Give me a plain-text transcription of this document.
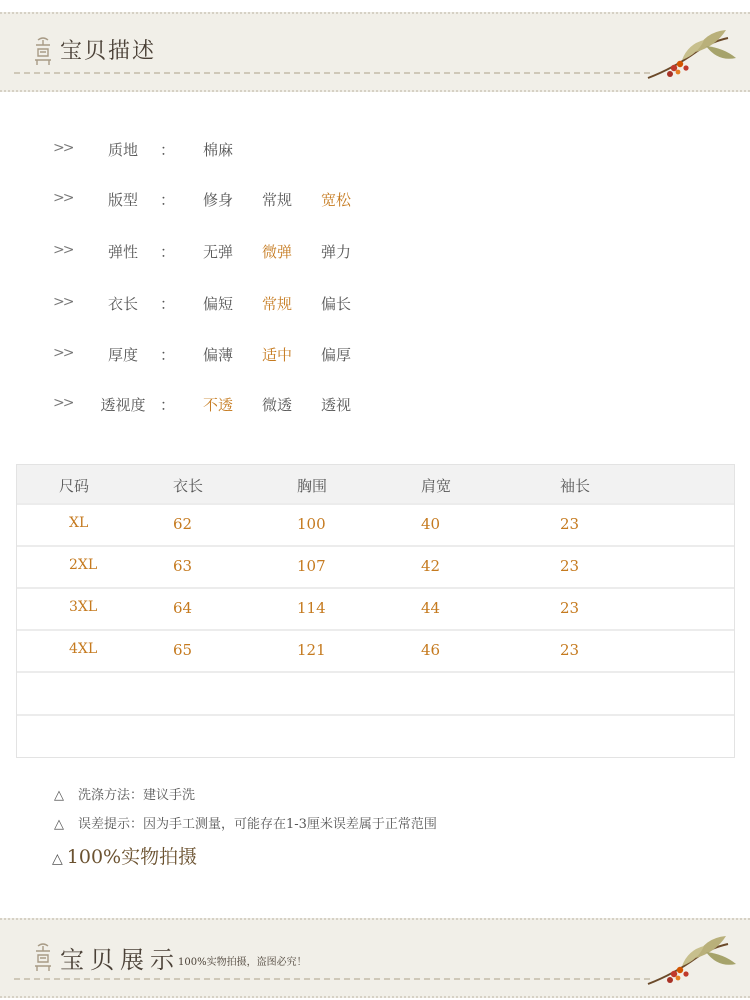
宝贝描述
>>	质地	： 棉麻
>>	版型	： 修身 常规 宽松
>>	弹性	： 无弹 微弹 弹力
>>	衣长	： 偏短 常规 偏长
>>	厚度	： 偏薄 适中 偏厚
>>	透视度 ： 不透 微透 透视
尺码	衣长	胸围	肩宽	袖长
XL	62	100	40	23
2XL	63	107	42	23
3XL	64	114	44	23
4XL	65	121	46	23
△ 洗涤方法：建议手洗
△ 误差提示：因为手工测量，可能存在1-3厘米误差属于正常范围
△ 100%实物拍摄
宝贝展示
100%实物拍摄，盗图必究！
